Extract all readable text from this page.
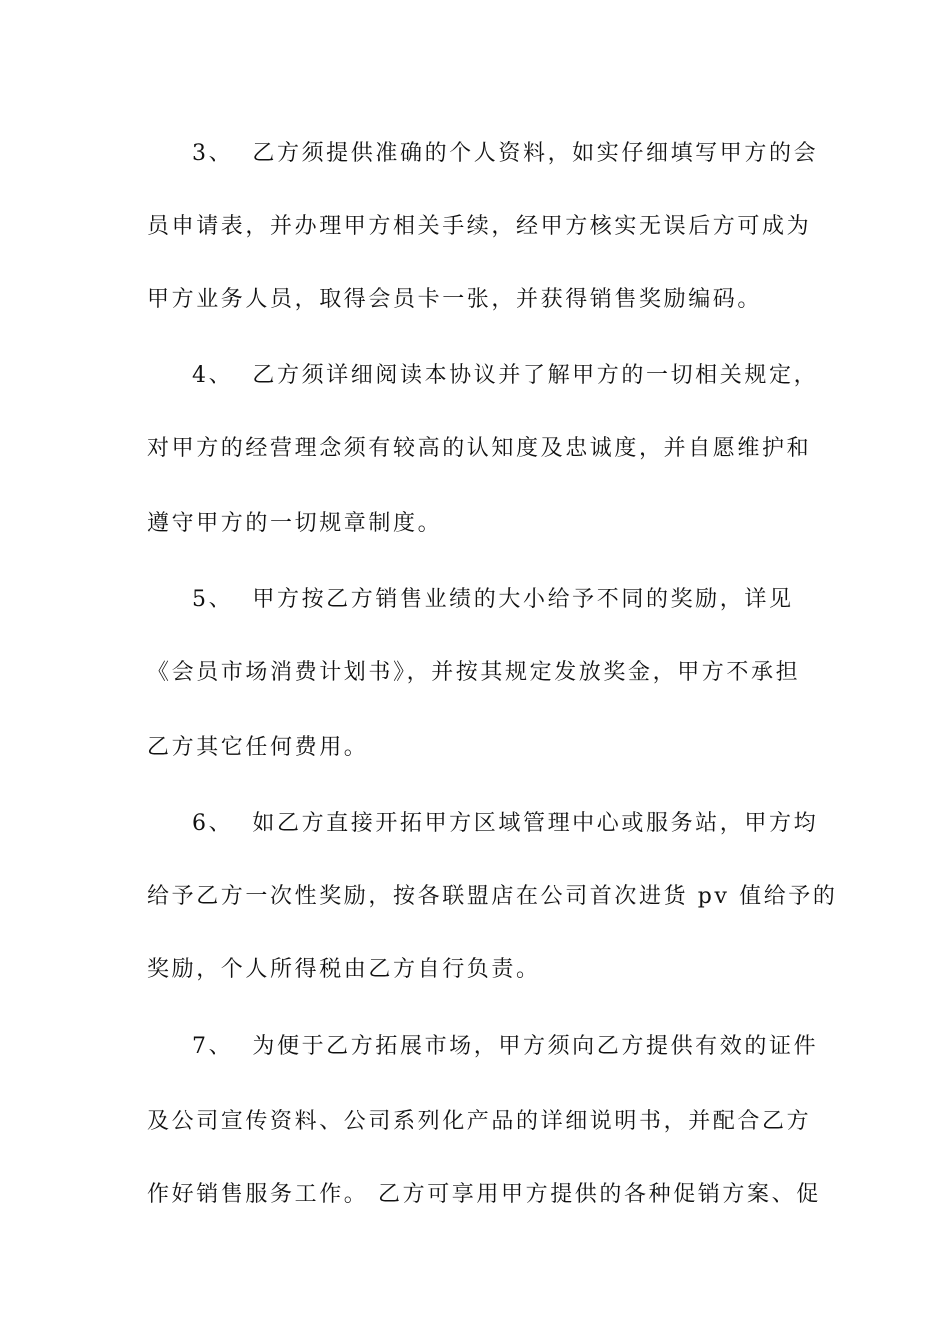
3、  乙方须提供准确的个人资料，如实仔细填写甲方的会
员申请表，并办理甲方相关手续，经甲方核实无误后方可成为
甲方业务人员，取得会员卡一张，并获得销售奖励编码。
4、  乙方须详细阅读本协议并了解甲方的一切相关规定，
对甲方的经营理念须有较高的认知度及忠诚度，并自愿维护和
遵守甲方的一切规章制度。
5、  甲方按乙方销售业绩的大小给予不同的奖励，详见
《会员市场消费计划书》，并按其规定发放奖金，甲方不承担
乙方其它任何费用。
6、  如乙方直接开拓甲方区域管理中心或服务站，甲方均
给予乙方一次性奖励，按各联盟店在公司首次进货 pv 值给予的
奖励，个人所得税由乙方自行负责。
7、  为便于乙方拓展市场，甲方须向乙方提供有效的证件
及公司宣传资料、公司系列化产品的详细说明书，并配合乙方
作好销售服务工作。 乙方可享用甲方提供的各种促销方案、促
